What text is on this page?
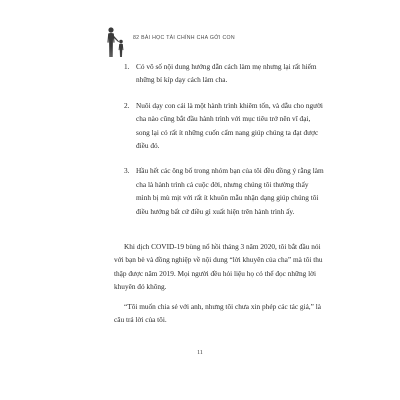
82 BÀI HỌC TÀI CHÍNH CHA GỞI CON
1. Có vô số nội dung hướng dẫn cách làm mẹ nhưng lại rất hiếm những bí kíp dạy cách làm cha.
2. Nuôi dạy con cái là một hành trình khiêm tốn, và dẫu cho người cha nào cũng bắt đầu hành trình với mục tiêu trở nên vĩ đại, song lại có rất ít những cuốn cẩm nang giúp chúng ta đạt được điều đó.
3. Hầu hết các ông bố trong nhóm bạn của tôi đều đồng ý rằng làm cha là hành trình cả cuộc đời, nhưng chúng tôi thường thấy mình bị mù mịt với rất ít khuôn mẫu nhận dạng giúp chúng tôi điều hướng bất cứ điều gì xuất hiện trên hành trình ấy.

Khi dịch COVID-19 bùng nổ hồi tháng 3 năm 2020, tôi bắt đầu nói với bạn bè và đồng nghiệp về nội dung “lời khuyên của cha” mà tôi thu thập được năm 2019. Mọi người đều hỏi liệu họ có thể đọc những lời khuyên đó không.

“Tôi muốn chia sẻ với anh, nhưng tôi chưa xin phép các tác giả,” là câu trả lời của tôi.

11
